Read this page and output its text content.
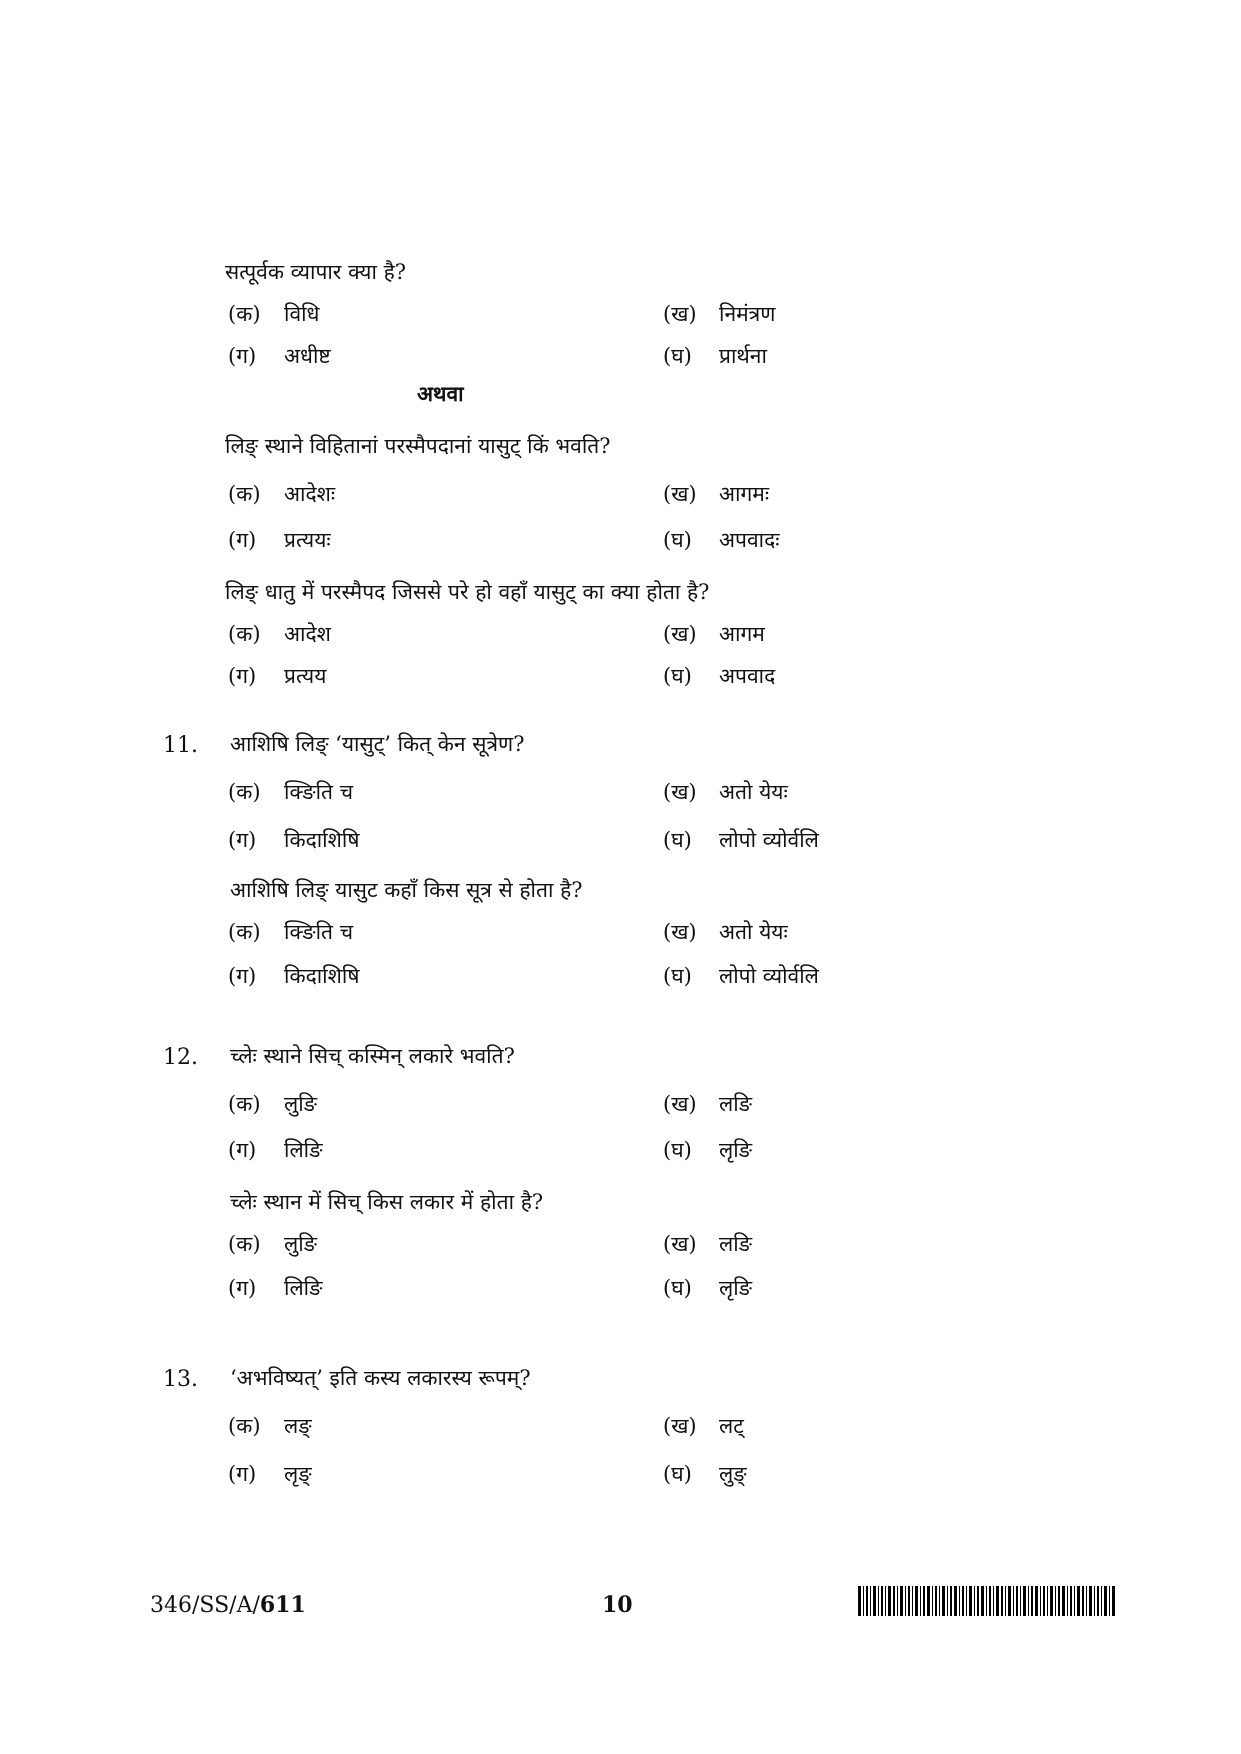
सत्पूर्वक व्यापार क्या है?
(क) विधि	(ख) निमंत्रण
(ग) अधीष्ट	(घ) प्रार्थना
अथवा
लिङ् स्थाने विहितानां परस्मैपदानां यासुट् किं भवति?
(क) आदेशः	(ख) आगमः
(ग) प्रत्ययः	(घ) अपवादः
लिङ् धातु में परस्मैपद जिससे परे हो वहाँ यासुट् का क्या होता है?
(क) आदेश	(ख) आगम
(ग) प्रत्यय	(घ) अपवाद
11. आशिषि लिङ् ‘यासुट्’ कित् केन सूत्रेण?
(क) क्ङिति च	(ख) अतो येयः
(ग) किदाशिषि	(घ) लोपो व्योर्वलि
आशिषि लिङ् यासुट कहाँ किस सूत्र से होता है?
(क) क्ङिति च	(ख) अतो येयः
(ग) किदाशिषि	(घ) लोपो व्योर्वलि
12. च्लेः स्थाने सिच् कस्मिन् लकारे भवति?
(क) लुङि	(ख) लङि
(ग) लिङि	(घ) लृङि
च्लेः स्थान में सिच् किस लकार में होता है?
(क) लुङि	(ख) लङि
(ग) लिङि	(घ) लृङि
13. ‘अभविष्यत्’ इति कस्य लकारस्य रूपम्?
(क) लङ्	(ख) लट्
(ग) लृङ्	(घ) लुङ्
346/SS/A/611	10
